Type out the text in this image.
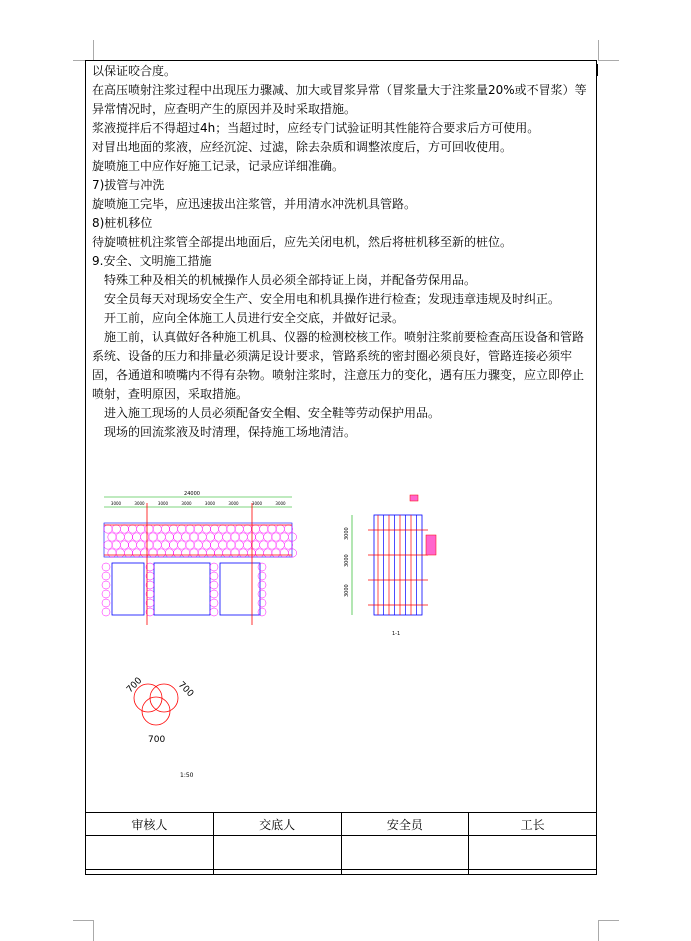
以保证咬合度。

在高压喷射注浆过程中出现压力骤减、加大或冒浆异常（冒浆量大于注浆量20%或不冒浆）等异常情况时，应查明产生的原因并及时采取措施。

浆液搅拌后不得超过4h；当超过时，应经专门试验证明其性能符合要求后方可使用。

对冒出地面的浆液，应经沉淀、过滤，除去杂质和调整浓度后，方可回收使用。

旋喷施工中应作好施工记录，记录应详细准确。

7)拔管与冲洗

旋喷施工完毕，应迅速拔出注浆管，并用清水冲洗机具管路。

8)桩机移位

待旋喷桩机注浆管全部提出地面后，应先关闭电机，然后将桩机移至新的桩位。

9.安全、文明施工措施

特殊工种及相关的机械操作人员必须全部持证上岗，并配备劳保用品。

安全员每天对现场安全生产、安全用电和机具操作进行检查；发现违章违规及时纠正。

开工前，应向全体施工人员进行安全交底，并做好记录。

施工前，认真做好各种施工机具、仪器的检测校核工作。喷射注浆前要检查高压设备和管路系统、设备的压力和排量必须满足设计要求，管路系统的密封圈必须良好，管路连接必须牢固，各通道和喷嘴内不得有杂物。喷射注浆时，注意压力的变化，遇有压力骤变，应立即停止喷射，查明原因，采取措施。

进入施工现场的人员必须配备安全帽、安全鞋等劳动保护用品。

现场的回流浆液及时清理，保持施工场地清洁。

24000
3000	3000	3000	3000	3000	3000	3000	3000
3000
3000
3000
1-1
700	700
700
1:50
审核人	交底人	安全员	工长
